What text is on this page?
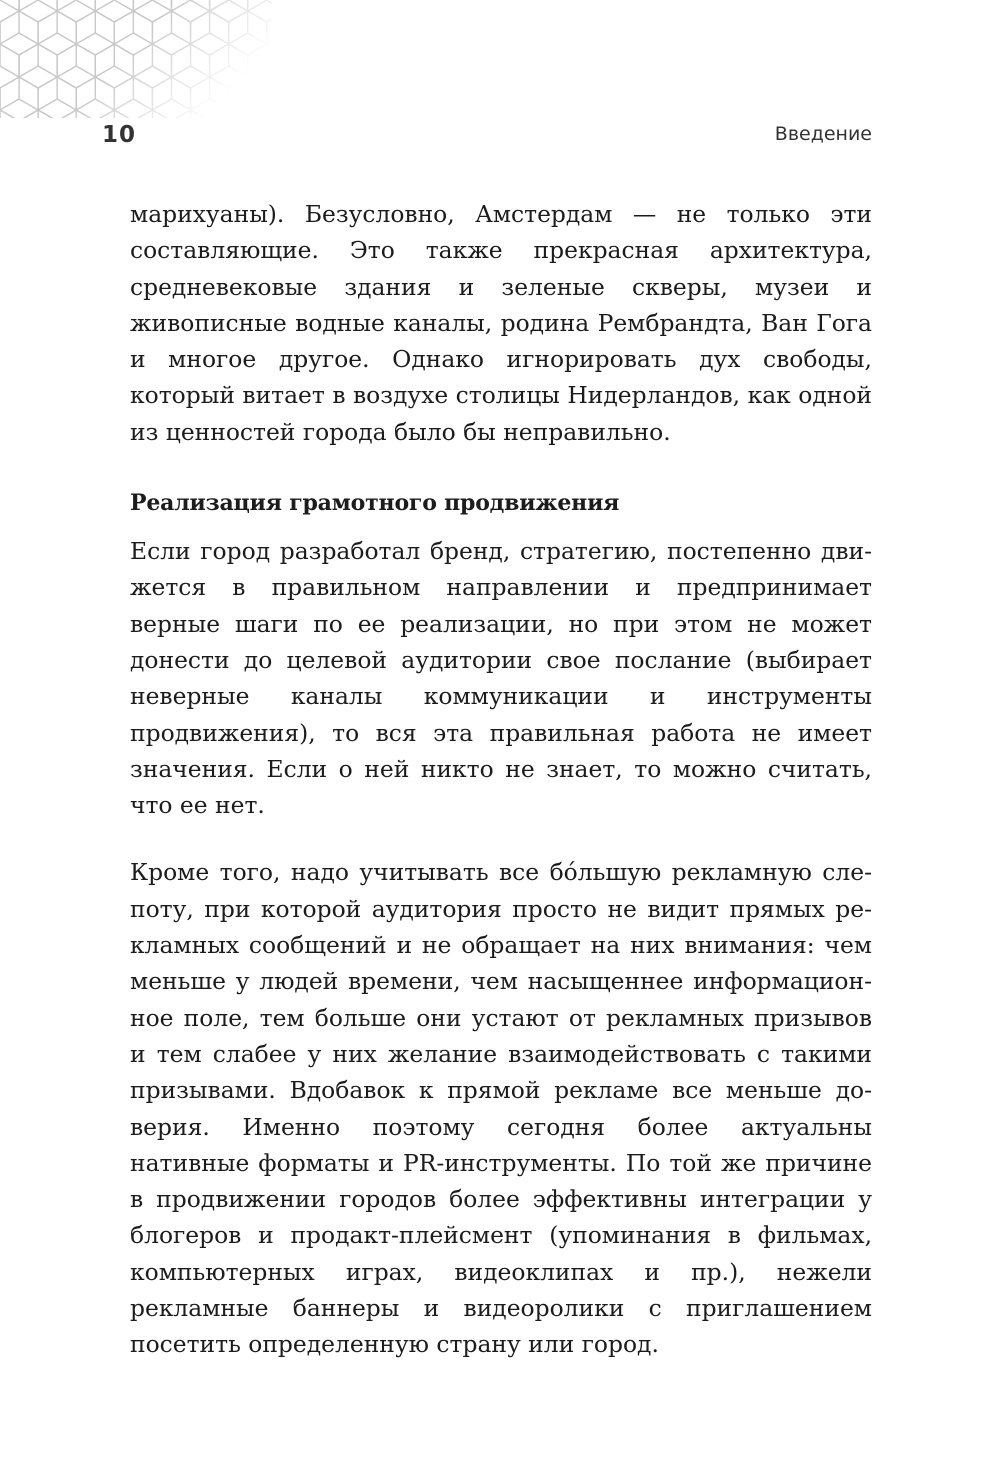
10	Введение

марихуаны). Безусловно, Амстердам — не только эти составляющие. Это также прекрасная архитектура, средневековые здания и зеленые скверы, музеи и живописные водные каналы, родина Рембрандта, Ван Гога и многое другое. Однако игнорировать дух свободы, который витает в воздухе столицы Нидерландов, как одной из ценностей города было бы неправильно.

Реализация грамотного продвижения

Если город разработал бренд, стратегию, постепенно движется в правильном направлении и предпринимает верные шаги по ее реализации, но при этом не может донести до целевой аудитории свое послание (выбирает неверные каналы коммуникации и инструменты продвижения), то вся эта правильная работа не имеет значения. Если о ней никто не знает, то можно считать, что ее нет.

Кроме того, надо учитывать все бóльшую рекламную слепоту, при которой аудитория просто не видит прямых рекламных сообщений и не обращает на них внимания: чем меньше у людей времени, чем насыщеннее информационное поле, тем больше они устают от рекламных призывов и тем слабее у них желание взаимодействовать с такими призывами. Вдобавок к прямой рекламе все меньше доверия. Именно поэтому сегодня более актуальны нативные форматы и PR-инструменты. По той же причине в продвижении городов более эффективны интеграции у блогеров и продакт-плейсмент (упоминания в фильмах, компьютерных играх, видеоклипах и пр.), нежели рекламные баннеры и видеоролики с приглашением посетить определенную страну или город.
